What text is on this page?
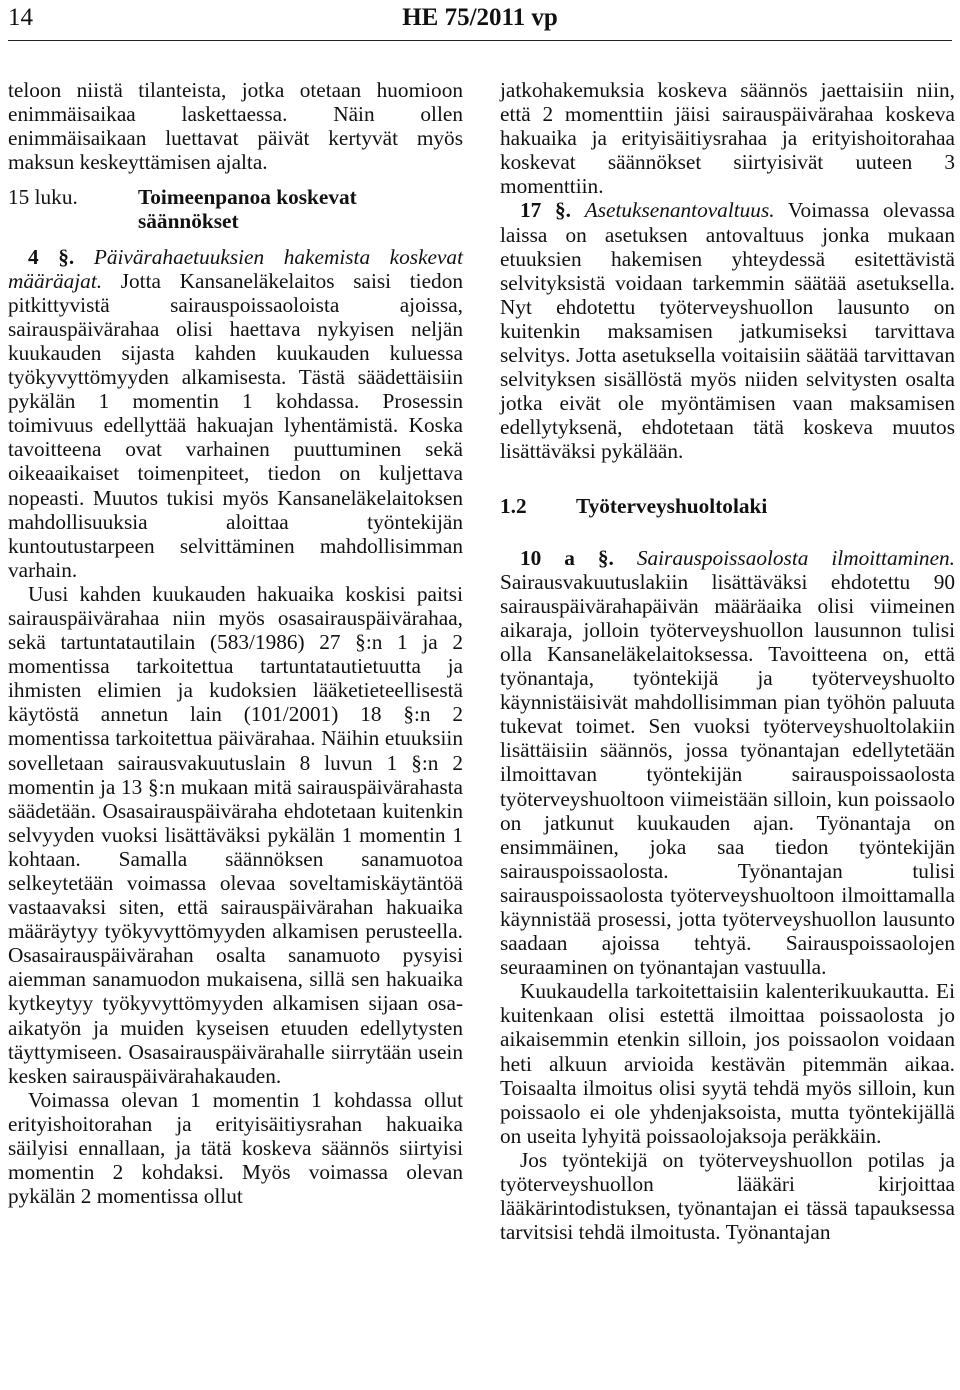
14	HE 75/2011 vp

teloon niistä tilanteista, jotka otetaan huomioon enimmäisaikaa laskettaessa. Näin ollen enimmäisaikaan luettavat päivät kertyvät myös maksun keskeyttämisen ajalta.

15 luku.	Toimeenpanoa koskevat säännökset

4 §. Päivärahaetuuksien hakemista koskevat määräajat. Jotta Kansaneläkelaitos saisi tiedon pitkittyvistä sairauspoissaoloista ajoissa, sairauspäivärahaa olisi haettava nykyisen neljän kuukauden sijasta kahden kuukauden kuluessa työkyvyttömyyden alkamisesta. Tästä säädettäisiin pykälän 1 momentin 1 kohdassa. Prosessin toimivuus edellyttää hakuajan lyhentämistä. Koska tavoitteena ovat varhainen puuttuminen sekä oikeaaikaiset toimenpiteet, tiedon on kuljettava nopeasti. Muutos tukisi myös Kansaneläkelaitoksen mahdollisuuksia aloittaa työntekijän kuntoutustarpeen selvittäminen mahdollisimman varhain.

Uusi kahden kuukauden hakuaika koskisi paitsi sairauspäivärahaa niin myös osasairauspäivärahaa, sekä tartuntatautilain (583/1986) 27 §:n 1 ja 2 momentissa tarkoitettua tartuntatautietuutta ja ihmisten elimien ja kudoksien lääketieteellisestä käytöstä annetun lain (101/2001) 18 §:n 2 momentissa tarkoitettua päivärahaa. Näihin etuuksiin sovelletaan sairausvakuutuslain 8 luvun 1 §:n 2 momentin ja 13 §:n mukaan mitä sairauspäivärahasta säädetään. Osasairauspäiväraha ehdotetaan kuitenkin selvyyden vuoksi lisättäväksi pykälän 1 momentin 1 kohtaan. Samalla säännöksen sanamuotoa selkeytetään voimassa olevaa soveltamiskäytäntöä vastaavaksi siten, että sairauspäivärahan hakuaika määräytyy työkyvyttömyyden alkamisen perusteella. Osasairauspäivärahan osalta sanamuoto pysyisi aiemman sanamuodon mukaisena, sillä sen hakuaika kytkeytyy työkyvyttömyyden alkamisen sijaan osa-aikatyön ja muiden kyseisen etuuden edellytysten täyttymiseen. Osasairauspäivärahalle siirrytään usein kesken sairauspäivärahakauden.

Voimassa olevan 1 momentin 1 kohdassa ollut erityishoitorahan ja erityisäitiysrahan hakuaika säilyisi ennallaan, ja tätä koskeva säännös siirtyisi momentin 2 kohdaksi. Myös voimassa olevan pykälän 2 momentissa ollut

jatkohakemuksia koskeva säännös jaettaisiin niin, että 2 momenttiin jäisi sairauspäivärahaa koskeva hakuaika ja erityisäitiysrahaa ja erityishoitorahaa koskevat säännökset siirtyisivät uuteen 3 momenttiin.

17 §. Asetuksenantovaltuus. Voimassa olevassa laissa on asetuksen antovaltuus jonka mukaan etuuksien hakemisen yhteydessä esitettävistä selvityksistä voidaan tarkemmin säätää asetuksella. Nyt ehdotettu työterveyshuollon lausunto on kuitenkin maksamisen jatkumiseksi tarvittava selvitys. Jotta asetuksella voitaisiin säätää tarvittavan selvityksen sisällöstä myös niiden selvitysten osalta jotka eivät ole myöntämisen vaan maksamisen edellytyksenä, ehdotetaan tätä koskeva muutos lisättäväksi pykälään.

1.2	Työterveyshuoltolaki

10 a §. Sairauspoissaolosta ilmoittaminen. Sairausvakuutuslakiin lisättäväksi ehdotettu 90 sairauspäivärahapäivän määräaika olisi viimeinen aikaraja, jolloin työterveyshuollon lausunnon tulisi olla Kansaneläkelaitoksessa. Tavoitteena on, että työnantaja, työntekijä ja työterveyshuolto käynnistäisivät mahdollisimman pian työhön paluuta tukevat toimet. Sen vuoksi työterveyshuoltolakiin lisättäisiin säännös, jossa työnantajan edellytetään ilmoittavan työntekijän sairauspoissaolosta työterveyshuoltoon viimeistään silloin, kun poissaolo on jatkunut kuukauden ajan. Työnantaja on ensimmäinen, joka saa tiedon työntekijän sairauspoissaolosta. Työnantajan tulisi sairauspoissaolosta työterveyshuoltoon ilmoittamalla käynnistää prosessi, jotta työterveyshuollon lausunto saadaan ajoissa tehtyä. Sairauspoissaolojen seuraaminen on työnantajan vastuulla.

Kuukaudella tarkoitettaisiin kalenterikuukautta. Ei kuitenkaan olisi estettä ilmoittaa poissaolosta jo aikaisemmin etenkin silloin, jos poissaolon voidaan heti alkuun arvioida kestävän pitemmän aikaa. Toisaalta ilmoitus olisi syytä tehdä myös silloin, kun poissaolo ei ole yhdenjaksoista, mutta työntekijällä on useita lyhyitä poissaolojaksoja peräkkäin.

Jos työntekijä on työterveyshuollon potilas ja työterveyshuollon lääkäri kirjoittaa lääkärintodistuksen, työnantajan ei tässä tapauksessa tarvitsisi tehdä ilmoitusta. Työnantajan
